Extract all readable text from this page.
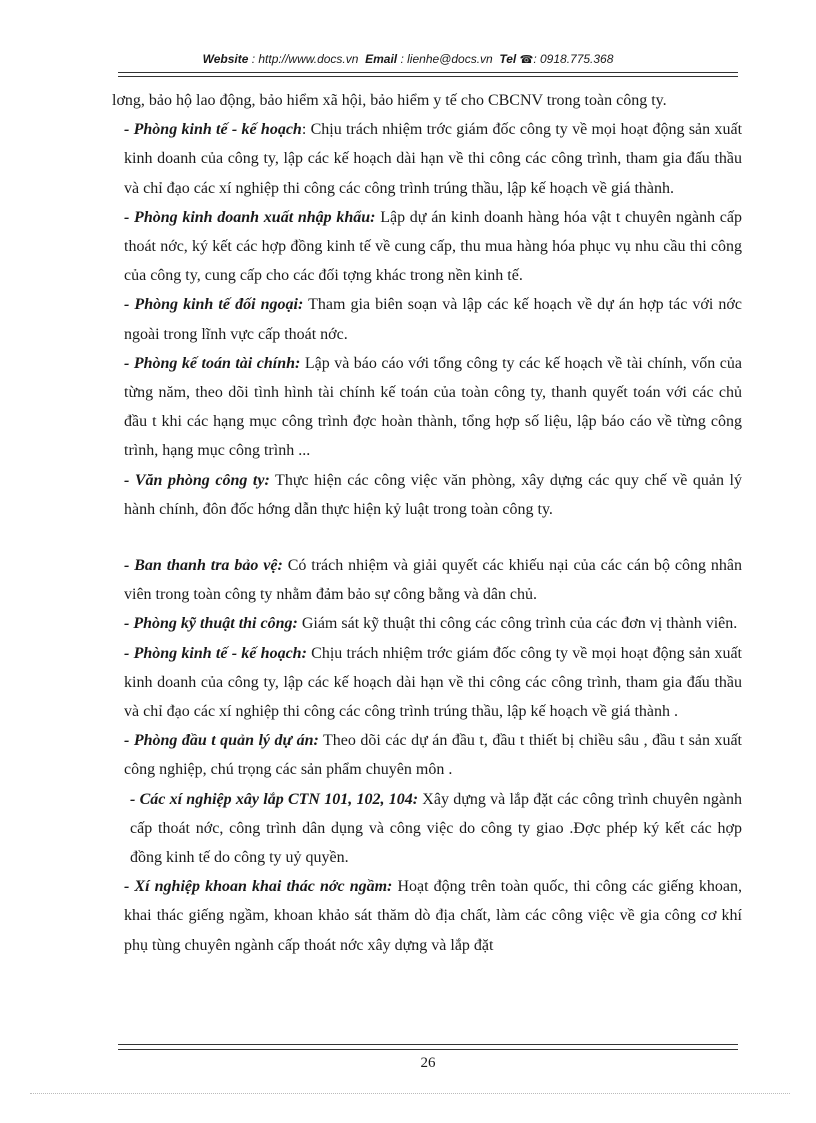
Website : http://www.docs.vn Email : lienhe@docs.vn Tel ☎: 0918.775.368

lơng, bảo hộ lao động, bảo hiểm xã hội, bảo hiểm y tế cho CBCNV trong toàn công ty.

- Phòng kinh tế - kế hoạch: Chịu trách nhiệm trớc giám đốc công ty về mọi hoạt động sản xuất kinh doanh của công ty, lập các kế hoạch dài hạn về thi công các công trình, tham gia đấu thầu và chỉ đạo các xí nghiệp thi công các công trình trúng thầu, lập kế hoạch về giá thành.

- Phòng kinh doanh xuất nhập khẩu: Lập dự án kinh doanh hàng hóa vật t chuyên ngành cấp thoát nớc, ký kết các hợp đồng kinh tế về cung cấp, thu mua hàng hóa phục vụ nhu cầu thi công của công ty, cung cấp cho các đối tợng khác trong nền kinh tế.

- Phòng kinh tế đối ngoại: Tham gia biên soạn và lập các kế hoạch về dự án hợp tác với nớc ngoài trong lĩnh vực cấp thoát nớc.

- Phòng kế toán tài chính: Lập và báo cáo với tổng công ty các kế hoạch về tài chính, vốn của từng năm, theo dõi tình hình tài chính kế toán của toàn công ty, thanh quyết toán với các chủ đầu t khi các hạng mục công trình đợc hoàn thành, tổng hợp số liệu, lập báo cáo về từng công trình, hạng mục công trình ...

- Văn phòng công ty: Thực hiện các công việc văn phòng, xây dựng các quy chế về quản lý hành chính, đôn đốc hớng dẫn thực hiện kỷ luật trong toàn công ty.

- Ban thanh tra bảo vệ: Có trách nhiệm và giải quyết các khiếu nại của các cán bộ công nhân viên trong toàn công ty nhằm đảm bảo sự công bằng và dân chủ.

- Phòng kỹ thuật thi công: Giám sát kỹ thuật thi công các công trình của các đơn vị thành viên.

- Phòng kinh tế - kế hoạch: Chịu trách nhiệm trớc giám đốc công ty về mọi hoạt động sản xuất kinh doanh của công ty, lập các kế hoạch dài hạn về thi công các công trình, tham gia đấu thầu và chỉ đạo các xí nghiệp thi công các công trình trúng thầu, lập kế hoạch về giá thành .

- Phòng đầu t quản lý dự án: Theo dõi các dự án đầu t, đầu t thiết bị chiều sâu , đầu t sản xuất công nghiệp, chú trọng các sản phẩm chuyên môn .

- Các xí nghiệp xây lắp CTN 101, 102, 104: Xây dựng và lắp đặt các công trình chuyên ngành cấp thoát nớc, công trình dân dụng và công việc do công ty giao .Đợc phép ký kết các hợp đồng kinh tế do công ty uỷ quyền.

- Xí nghiệp khoan khai thác nớc ngầm: Hoạt động trên toàn quốc, thi công các giếng khoan, khai thác giếng ngầm, khoan khảo sát thăm dò địa chất, làm các công việc về gia công cơ khí phụ tùng chuyên ngành cấp thoát nớc xây dựng và lắp đặt

26
